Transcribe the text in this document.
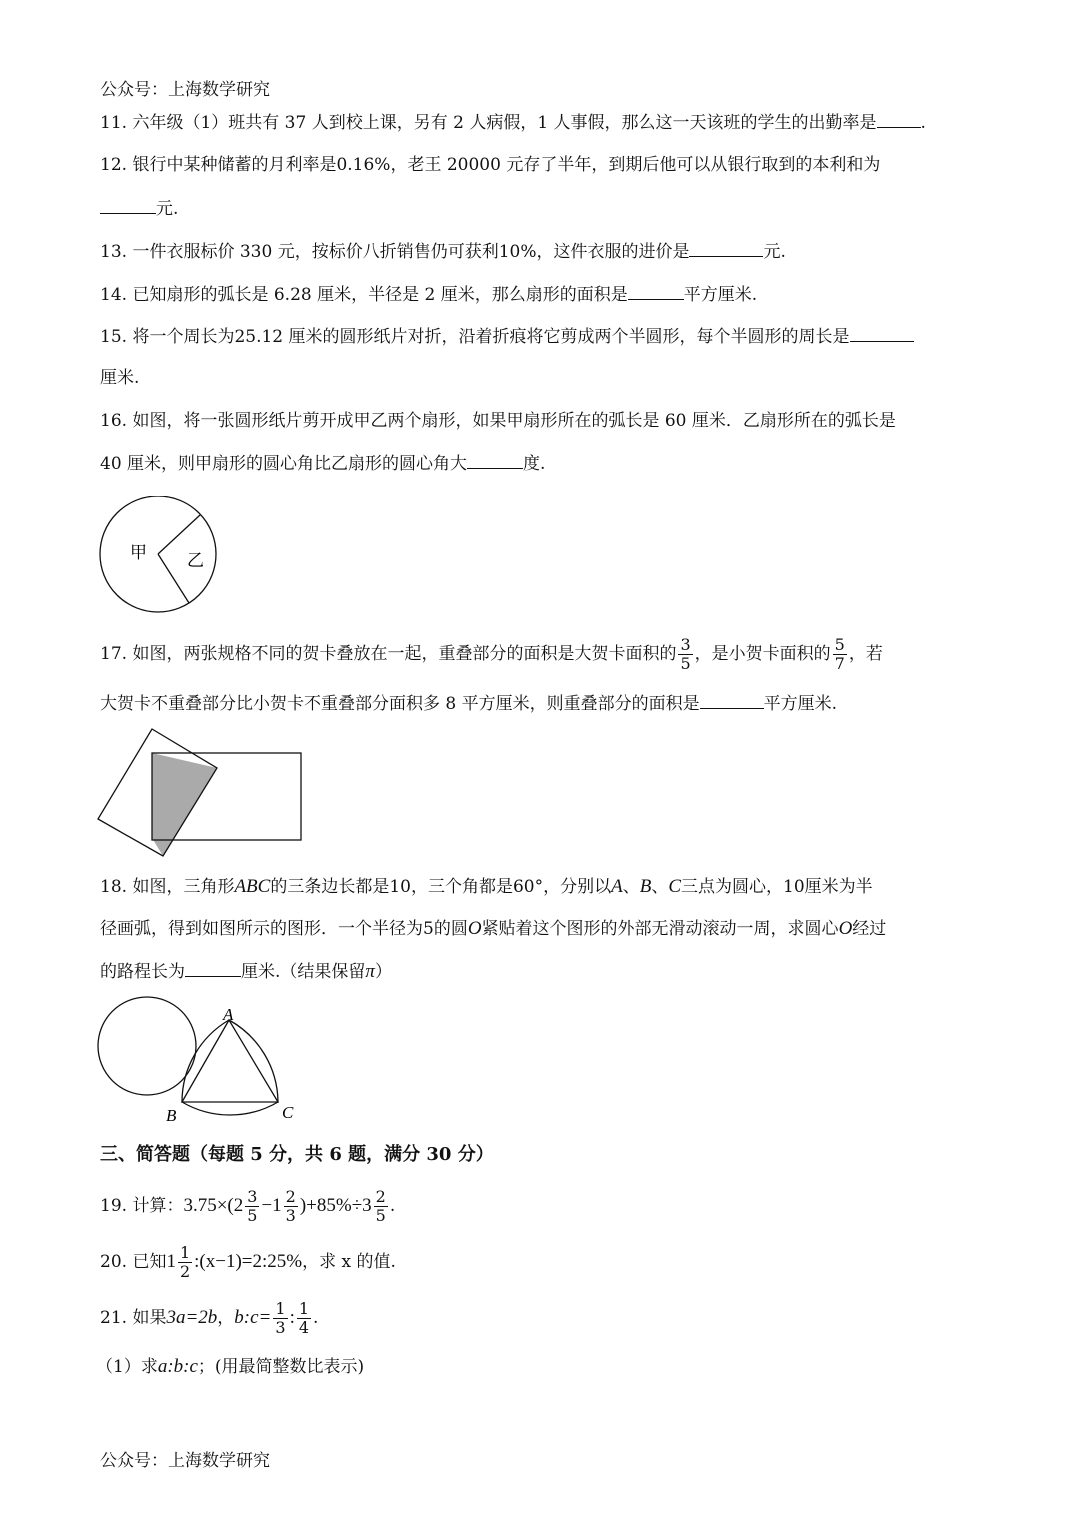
公众号：上海数学研究
11. 六年级（1）班共有 37 人到校上课，另有 2 人病假，1 人事假，那么这一天该班的学生的出勤率是	.
12. 银行中某种储蓄的月利率是0.16%，老王 20000 元存了半年，到期后他可以从银行取到的本利和为
元.
13. 一件衣服标价 330 元，按标价八折销售仍可获利10%，这件衣服的进价是	元.
14. 已知扇形的弧长是 6.28 厘米，半径是 2 厘米，那么扇形的面积是	平方厘米.
15. 将一个周长为25.12 厘米的圆形纸片对折，沿着折痕将它剪成两个半圆形，每个半圆形的周长是
厘米.
16. 如图，将一张圆形纸片剪开成甲乙两个扇形，如果甲扇形所在的弧长是 60 厘米．乙扇形所在的弧长是
40 厘米，则甲扇形的圆心角比乙扇形的圆心角大	度.
甲 乙
17. 如图，两张规格不同的贺卡叠放在一起，重叠部分的面积是大贺卡面积的 $\frac{3}{5}$ ，是小贺卡面积的 $\frac{5}{7}$ ，若
大贺卡不重叠部分比小贺卡不重叠部分面积多 8 平方厘米，则重叠部分的面积是	平方厘米.
18. 如图，三角形ABC的三条边长都是10，三个角都是60°，分别以A、B、C三点为圆心，10厘米为半
径画弧，得到如图所示的图形．一个半径为5的圆O紧贴着这个图形的外部无滑动滚动一周，求圆心O经过
的路程长为	厘米.（结果保留π）
A
B	C
三、简答题（每题 5 分，共 6 题，满分 30 分）
19. 计算：$3.75\times(2 \frac{3}{5} -1 \frac{2}{3} )+85\%\div 3 \frac{2}{5}$ .
20. 已知$1 \frac{1}{2}$ :(x−1)=2:25%，求 x 的值.
21. 如果3a=2b，b:c= $\frac{1}{3}$ : $\frac{1}{4}$ .
（1）求a:b:c；(用最简整数比表示)
公众号：上海数学研究
